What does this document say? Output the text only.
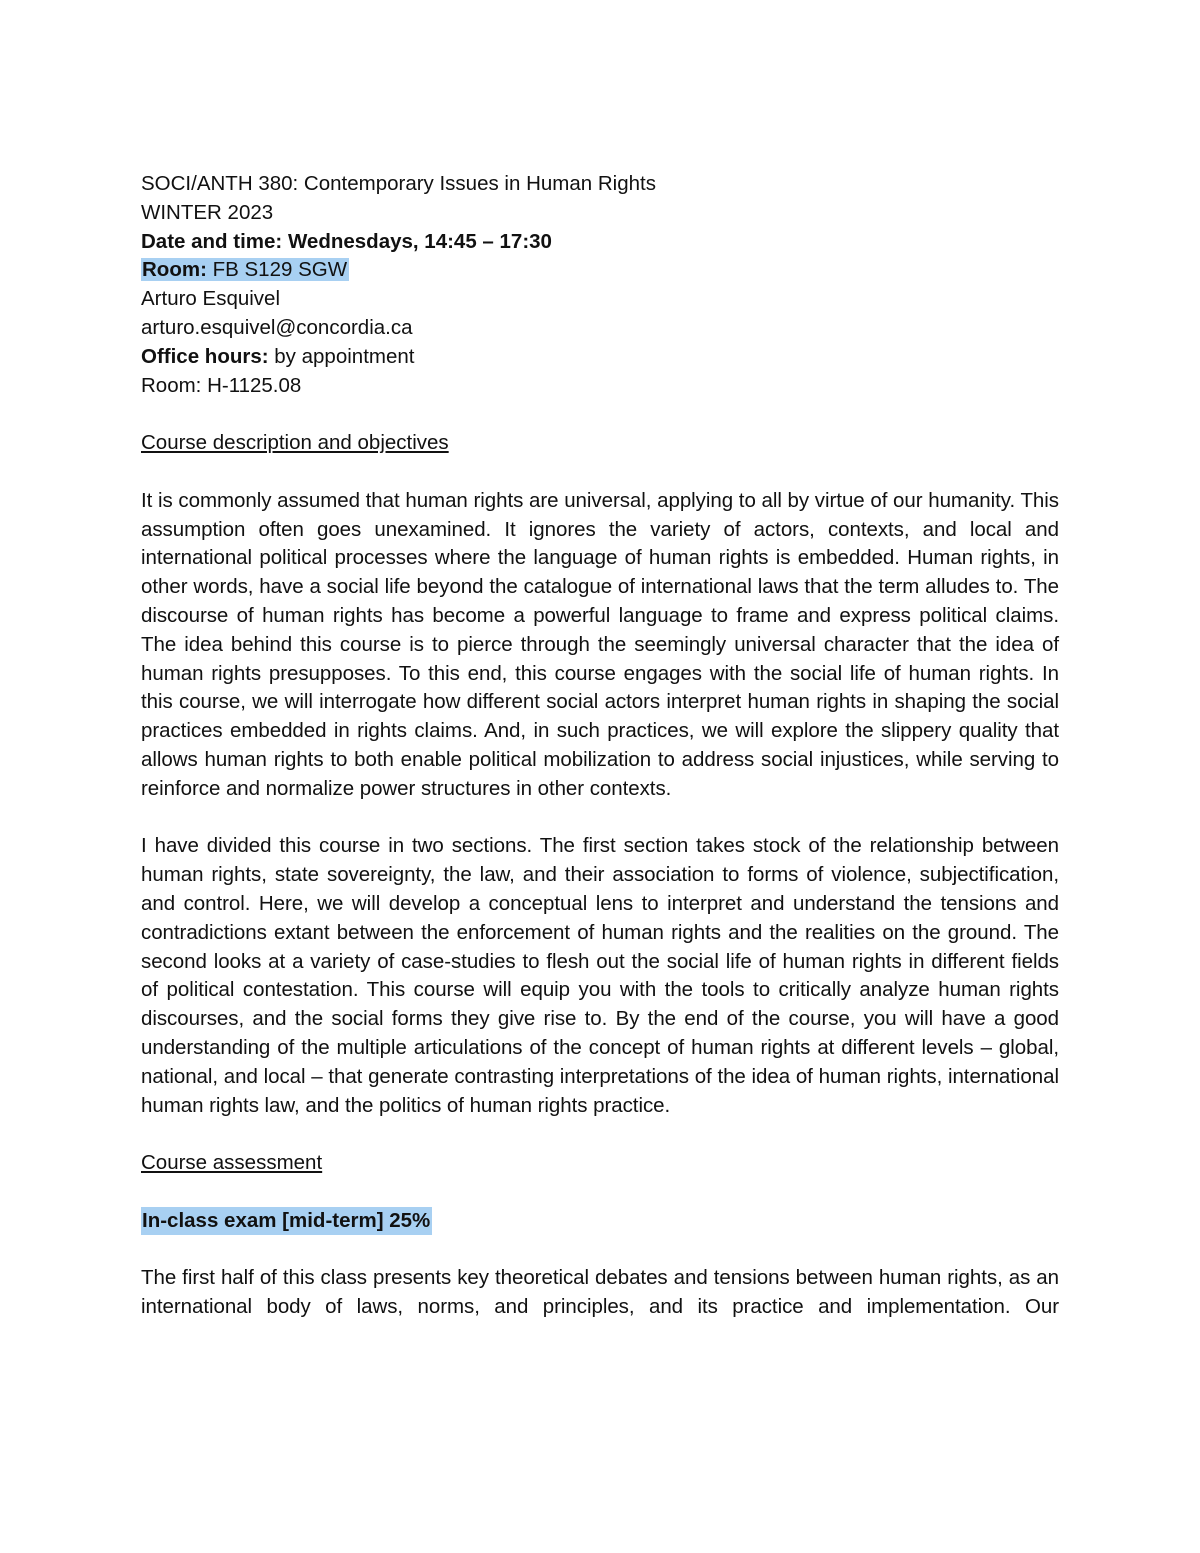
SOCI/ANTH 380: Contemporary Issues in Human Rights
WINTER 2023
Date and time: Wednesdays, 14:45 – 17:30
Room: FB S129 SGW
Arturo Esquivel
arturo.esquivel@concordia.ca
Office hours: by appointment
Room: H-1125.08

Course description and objectives

It is commonly assumed that human rights are universal, applying to all by virtue of our humanity. This assumption often goes unexamined. It ignores the variety of actors, contexts, and local and international political processes where the language of human rights is embedded. Human rights, in other words, have a social life beyond the catalogue of international laws that the term alludes to. The discourse of human rights has become a powerful language to frame and express political claims. The idea behind this course is to pierce through the seemingly universal character that the idea of human rights presupposes. To this end, this course engages with the social life of human rights. In this course, we will interrogate how different social actors interpret human rights in shaping the social practices embedded in rights claims. And, in such practices, we will explore the slippery quality that allows human rights to both enable political mobilization to address social injustices, while serving to reinforce and normalize power structures in other contexts.

I have divided this course in two sections. The first section takes stock of the relationship between human rights, state sovereignty, the law, and their association to forms of violence, subjectification, and control. Here, we will develop a conceptual lens to interpret and understand the tensions and contradictions extant between the enforcement of human rights and the realities on the ground. The second looks at a variety of case-studies to flesh out the social life of human rights in different fields of political contestation. This course will equip you with the tools to critically analyze human rights discourses, and the social forms they give rise to. By the end of the course, you will have a good understanding of the multiple articulations of the concept of human rights at different levels – global, national, and local – that generate contrasting interpretations of the idea of human rights, international human rights law, and the politics of human rights practice.

Course assessment

In-class exam [mid-term] 25%

The first half of this class presents key theoretical debates and tensions between human rights, as an international body of laws, norms, and principles, and its practice and implementation. Our
